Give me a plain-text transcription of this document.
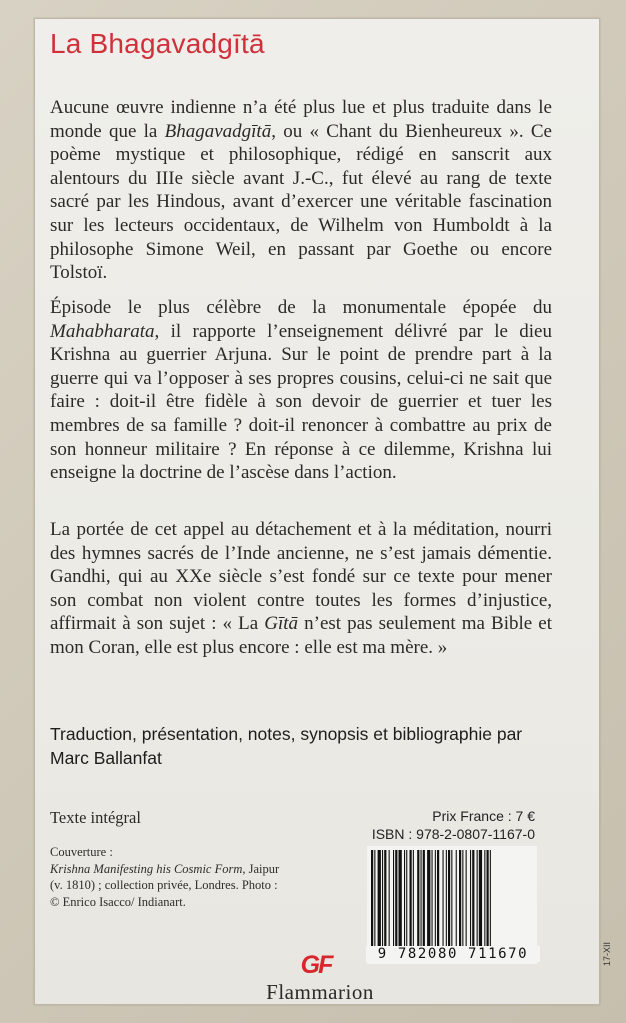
La Bhagavadgītā

Aucune œuvre indienne n’a été plus lue et plus traduite dans le monde que la Bhagavadgītā, ou « Chant du Bienheureux ». Ce poème mystique et philosophique, rédigé en sanscrit aux alentours du IIIe siècle avant J.-C., fut élevé au rang de texte sacré par les Hindous, avant d’exercer une véritable fascination sur les lecteurs occidentaux, de Wilhelm von Humboldt à la philosophe Simone Weil, en passant par Goethe ou encore Tolstoï.

Épisode le plus célèbre de la monumentale épopée du Mahabharata, il rapporte l’enseignement délivré par le dieu Krishna au guerrier Arjuna. Sur le point de prendre part à la guerre qui va l’opposer à ses propres cousins, celui-ci ne sait que faire : doit-il être fidèle à son devoir de guerrier et tuer les membres de sa famille ? doit-il renoncer à combattre au prix de son honneur militaire ? En réponse à ce dilemme, Krishna lui enseigne la doctrine de l’ascèse dans l’action.

La portée de cet appel au détachement et à la méditation, nourri des hymnes sacrés de l’Inde ancienne, ne s’est jamais démentie. Gandhi, qui au XXe siècle s’est fondé sur ce texte pour mener son combat non violent contre toutes les formes d’injustice, affirmait à son sujet : « La Gītā n’est pas seulement ma Bible et mon Coran, elle est plus encore : elle est ma mère. »

Traduction, présentation, notes, synopsis et bibliographie par Marc Ballanfat

Texte intégral

Couverture :
Krishna Manifesting his Cosmic Form, Jaipur (v. 1810) ; collection privée, Londres. Photo : © Enrico Isacco/ Indianart.

Prix France : 7 €

ISBN : 978-2-0807-1167-0

9 782080 711670

GF

Flammarion

17-XII
